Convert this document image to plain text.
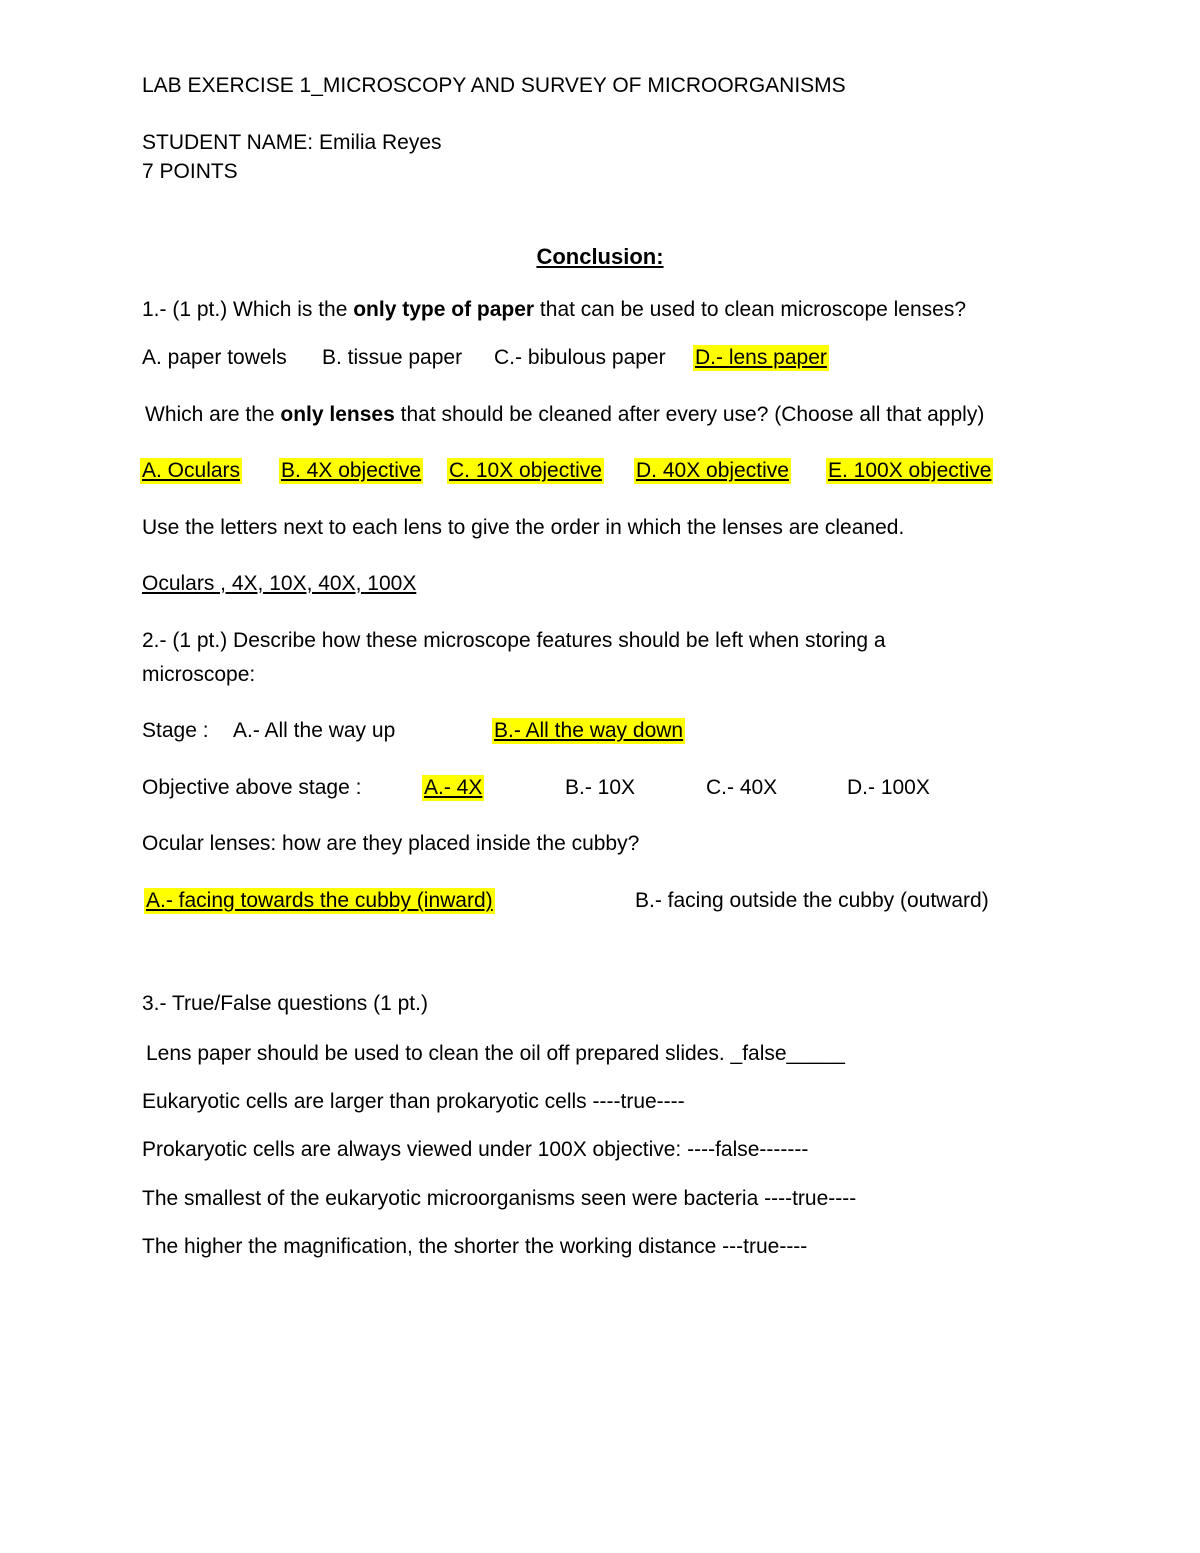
LAB EXERCISE 1_MICROSCOPY AND SURVEY OF MICROORGANISMS
STUDENT NAME: Emilia Reyes
7 POINTS
Conclusion:
1.- (1 pt.) Which is the only type of paper that can be used to clean microscope lenses?
A. paper towels B. tissue paper C.- bibulous paper D.- lens paper
Which are the only lenses that should be cleaned after every use? (Choose all that apply)
A. Oculars B. 4X objective C. 10X objective D. 40X objective E. 100X objective
Use the letters next to each lens to give the order in which the lenses are cleaned.
Oculars , 4X, 10X, 40X, 100X
2.- (1 pt.) Describe how these microscope features should be left when storing a
microscope:
Stage : A.- All the way up	B.- All the way down
Objective above stage :	A.- 4X	B.- 10X	C.- 40X	D.- 100X
Ocular lenses: how are they placed inside the cubby?
A.- facing towards the cubby (inward)	B.- facing outside the cubby (outward)
3.- True/False questions (1 pt.)
Lens paper should be used to clean the oil off prepared slides. _false_____
Eukaryotic cells are larger than prokaryotic cells ----true----
Prokaryotic cells are always viewed under 100X objective: ----false-------
The smallest of the eukaryotic microorganisms seen were bacteria ----true----
The higher the magnification, the shorter the working distance ---true----
